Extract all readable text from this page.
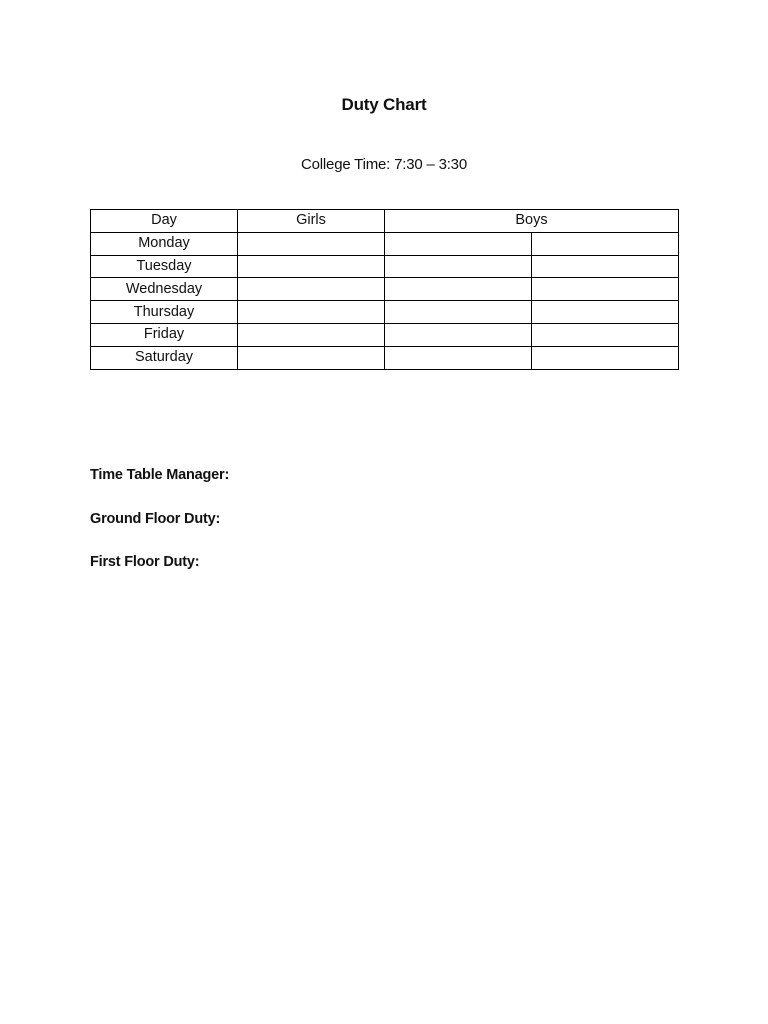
Duty Chart
College Time: 7:30 – 3:30
Day	Girls	Boys	
Monday			
Tuesday			
Wednesday			
Thursday			
Friday			
Saturday			
Time Table Manager:
Ground Floor Duty:
First Floor Duty:
